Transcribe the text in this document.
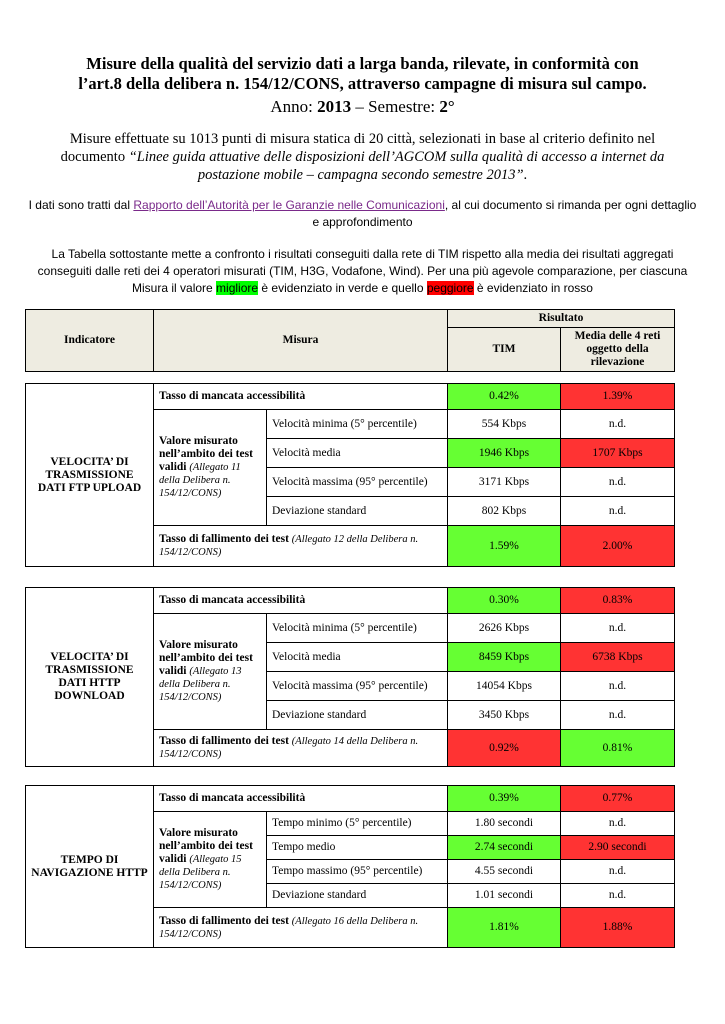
Misure della qualità del servizio dati a larga banda, rilevate, in conformità con
l’art.8 della delibera n. 154/12/CONS, attraverso campagne di misura sul campo.
Anno: 2013 – Semestre: 2°
Misure effettuate su 1013 punti di misura statica di 20 città, selezionati in base al criterio definito nel
documento “Linee guida attuative delle disposizioni dell’AGCOM sulla qualità di accesso a internet da
postazione mobile – campagna secondo semestre 2013”.
I dati sono tratti dal Rapporto dell’Autorità per le Garanzie nelle Comunicazioni, al cui documento si rimanda per ogni dettaglio e approfondimento
La Tabella sottostante mette a confronto i risultati conseguiti dalla rete di TIM rispetto alla media dei risultati aggregati conseguiti dalle reti dei 4 operatori misurati (TIM, H3G, Vodafone, Wind). Per una più agevole comparazione, per ciascuna Misura il valore migliore è evidenziato in verde e quello peggiore è evidenziato in rosso
Indicatore	Misura	Risultato	
		TIM	Media delle 4 reti oggetto della rilevazione
VELOCITA’ DI TRASMISSIONE DATI FTP UPLOAD	Tasso di mancata accessibilità		0.42%	1.39%
	Valore misurato nell’ambito dei test validi (Allegato 11 della Delibera n. 154/12/CONS)	Velocità minima (5° percentile)	554 Kbps	n.d.
		Velocità media	1946 Kbps	1707 Kbps
		Velocità massima (95° percentile)	3171 Kbps	n.d.
		Deviazione standard	802 Kbps	n.d.
	Tasso di fallimento dei test (Allegato 12 della Delibera n. 154/12/CONS)		1.59%	2.00%
VELOCITA’ DI TRASMISSIONE DATI HTTP DOWNLOAD	Tasso di mancata accessibilità		0.30%	0.83%
	Valore misurato nell’ambito dei test validi (Allegato 13 della Delibera n. 154/12/CONS)	Velocità minima (5° percentile)	2626 Kbps	n.d.
		Velocità media	8459 Kbps	6738 Kbps
		Velocità massima (95° percentile)	14054 Kbps	n.d.
		Deviazione standard	3450 Kbps	n.d.
	Tasso di fallimento dei test (Allegato 14 della Delibera n. 154/12/CONS)		0.92%	0.81%
TEMPO DI NAVIGAZIONE HTTP	Tasso di mancata accessibilità		0.39%	0.77%
	Valore misurato nell’ambito dei test validi (Allegato 15 della Delibera n. 154/12/CONS)	Tempo minimo (5° percentile)	1.80 secondi	n.d.
		Tempo medio	2.74 secondi	2.90 secondi
		Tempo massimo (95° percentile)	4.55 secondi	n.d.
		Deviazione standard	1.01 secondi	n.d.
	Tasso di fallimento dei test (Allegato 16 della Delibera n. 154/12/CONS)		1.81%	1.88%
